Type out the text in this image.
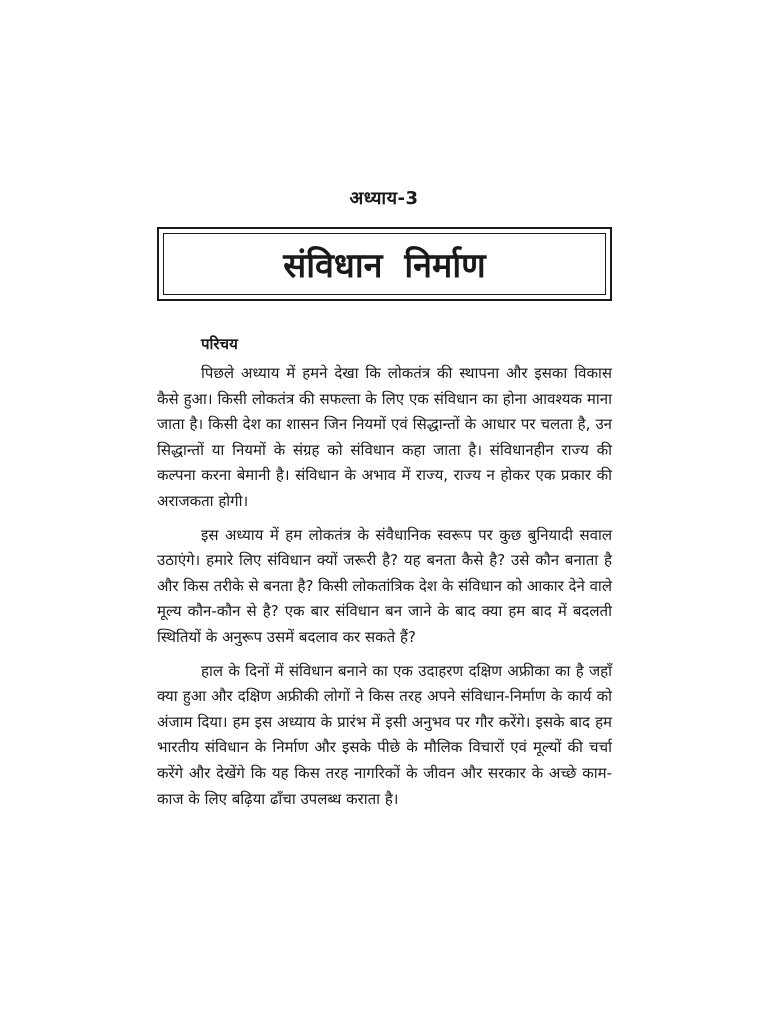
अध्याय-3
संविधान निर्माण
परिचय

पिछले अध्याय में हमने देखा कि लोकतंत्र की स्थापना और इसका विकास कैसे हुआ। किसी लोकतंत्र की सफल्ता के लिए एक संविधान का होना आवश्यक माना जाता है। किसी देश का शासन जिन नियमों एवं सिद्धान्तों के आधार पर चलता है, उन सिद्धान्तों या नियमों के संग्रह को संविधान कहा जाता है। संविधानहीन राज्य की कल्पना करना बेमानी है। संविधान के अभाव में राज्य, राज्य न होकर एक प्रकार की अराजकता होगी।

इस अध्याय में हम लोकतंत्र के संवैधानिक स्वरूप पर कुछ बुनियादी सवाल उठाएंगे। हमारे लिए संविधान क्यों जरूरी है? यह बनता कैसे है? उसे कौन बनाता है और किस तरीके से बनता है? किसी लोकतांत्रिक देश के संविधान को आकार देने वाले मूल्य कौन-कौन से है? एक बार संविधान बन जाने के बाद क्या हम बाद में बदलती स्थितियों के अनुरूप उसमें बदलाव कर सकते हैं?

हाल के दिनों में संविधान बनाने का एक उदाहरण दक्षिण अफ्रीका का है जहाँ क्या हुआ और दक्षिण अफ्रीकी लोगों ने किस तरह अपने संविधान-निर्माण के कार्य को अंजाम दिया। हम इस अध्याय के प्रारंभ में इसी अनुभव पर गौर करेंगे। इसके बाद हम भारतीय संविधान के निर्माण और इसके पीछे के मौलिक विचारों एवं मूल्यों की चर्चा करेंगे और देखेंगे कि यह किस तरह नागरिकों के जीवन और सरकार के अच्छे काम-काज के लिए बढ़िया ढाँचा उपलब्ध कराता है।
